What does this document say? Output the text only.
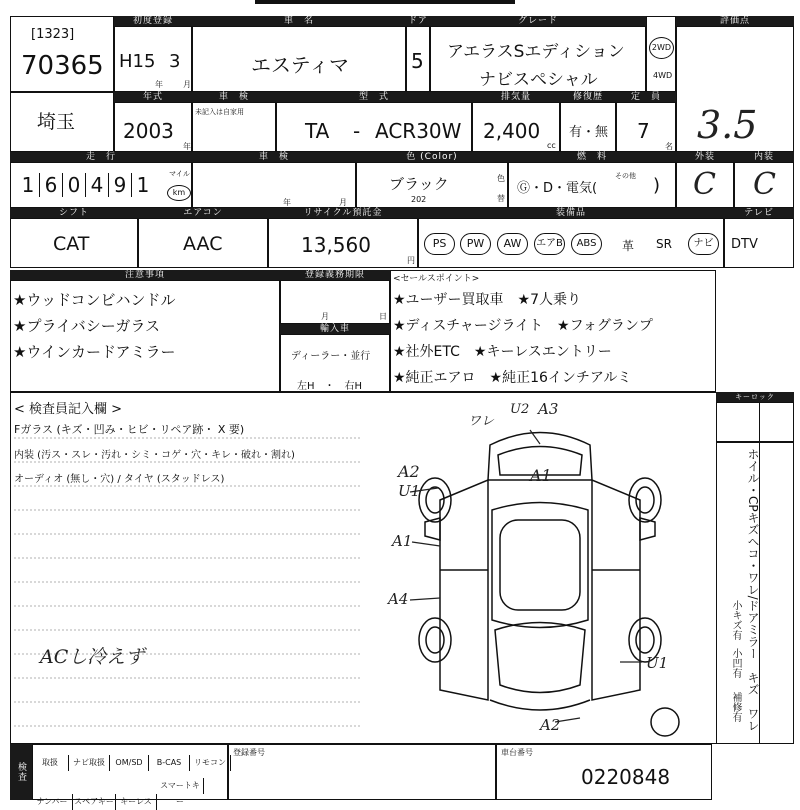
[1323]
70365
初度登録
H15 3
年	月
車　名
エスティマ
ドア
5
グレード
アエラスSエディション
ナビスペシャル
2WD
4WD
評価点
3.5
埼玉
年式
2003
年
車　検
未記入は自家用
型　式
TA - ACR30W
排気量
2,400
cc
修復歴
有・無
定　員
7
名
走　行
1 6 0 4 9 1	マイル
km
車　検
年	月
色 (Color)
ブラック
202
色
替
燃　料
Ⓖ・D・電気(
その他 )
外装	内装
C C
シフト
CAT
エアコン
AAC
リサイクル預託金
13,560
円
装備品
PS	PW	AW	エアB	ABS	革 SR	ナビ
テレビ
DTV
注意事項
★ウッドコンビハンドル
★プライバシーガラス
★ウインカードアミラー
登録義務期限
月	日
輸入車
ディーラー・並行
左H　・　右H
<セールスポイント>
★ユーザー買取車　★7人乗り
★ディスチャージライト　★フォグランプ
★社外ETC　★キーレスエントリー
★純正エアロ　★純正16インチアルミ
< 検査員記入欄 >
Fガラス (キズ・凹み・ヒビ・リペア跡・ X 要)
内装 (汚ス・スレ・汚れ・シミ・コゲ・穴・キレ・破れ・割れ)
オーディオ (無し・穴) / タイヤ (スタッドレス)
ACし冷えず
ワレ
U2 A3
A1
A2
U1
A1
A4
U1
A2
キーロック
ホイル・CPキズヘコ・ワレ/ドアミラー　キズ　ワレ
小キズ有
小凹有
補修有
検査	取扱 ナビ取扱 OM/SD B-CAS リモコン
ナンバー スペアキー キーレススマートキー
登録番号	車台番号
0220848
